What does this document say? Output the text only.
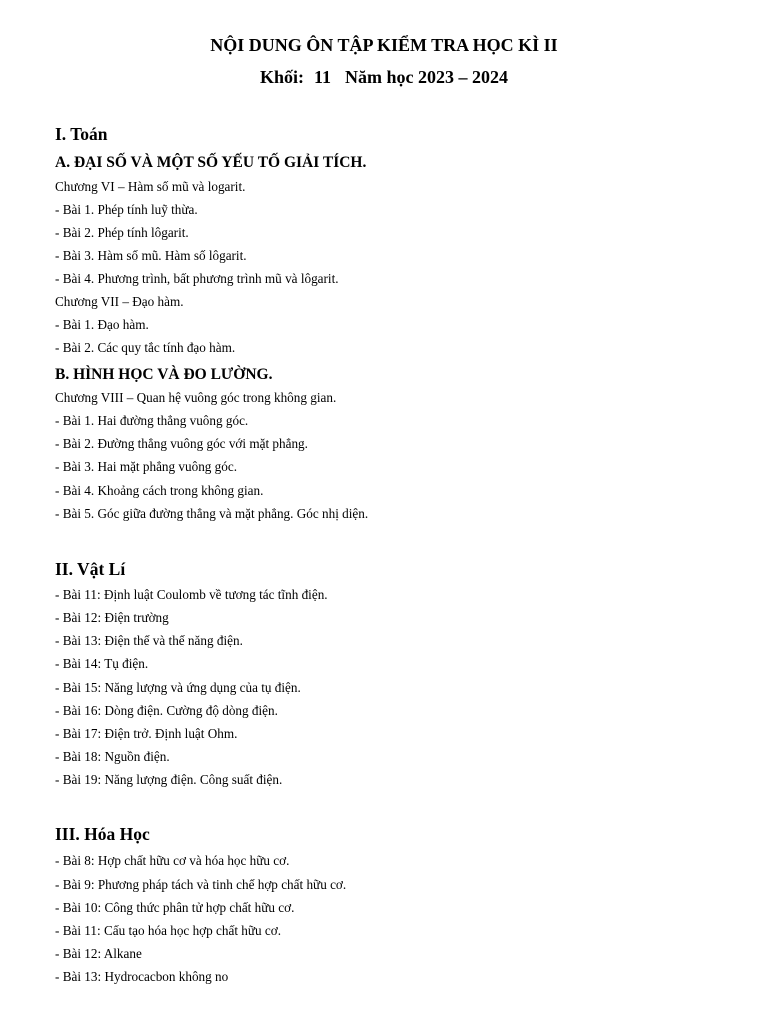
NỘI DUNG ÔN TẬP KIỂM TRA HỌC KÌ II
Khối: 11 Năm học 2023 – 2024
I. Toán
A. ĐẠI SỐ VÀ MỘT SỐ YẾU TỐ GIẢI TÍCH.
Chương VI – Hàm số mũ và logarit.
- Bài 1. Phép tính luỹ thừa.
- Bài 2. Phép tính lôgarit.
- Bài 3. Hàm số mũ. Hàm số lôgarit.
- Bài 4. Phương trình, bất phương trình mũ và lôgarit.
Chương VII – Đạo hàm.
- Bài 1. Đạo hàm.
- Bài 2. Các quy tắc tính đạo hàm.
B. HÌNH HỌC VÀ ĐO LƯỜNG.
Chương VIII – Quan hệ vuông góc trong không gian.
- Bài 1. Hai đường thẳng vuông góc.
- Bài 2. Đường thẳng vuông góc với mặt phẳng.
- Bài 3. Hai mặt phẳng vuông góc.
- Bài 4. Khoảng cách trong không gian.
- Bài 5. Góc giữa đường thẳng và mặt phẳng. Góc nhị diện.
II. Vật Lí
- Bài 11: Định luật Coulomb về tương tác tĩnh điện.
- Bài 12: Điện trường
- Bài 13: Điện thế và thế năng điện.
- Bài 14: Tụ điện.
- Bài 15: Năng lượng và ứng dụng của tụ điện.
- Bài 16: Dòng điện. Cường độ dòng điện.
- Bài 17: Điện trở. Định luật Ohm.
- Bài 18: Nguồn điện.
- Bài 19: Năng lượng điện. Công suất điện.
III. Hóa Học
- Bài 8: Hợp chất hữu cơ và hóa học hữu cơ.
- Bài 9: Phương pháp tách và tinh chế hợp chất hữu cơ.
- Bài 10: Công thức phân tử hợp chất hữu cơ.
- Bài 11: Cấu tạo hóa học hợp chất hữu cơ.
- Bài 12: Alkane
- Bài 13: Hydrocacbon không no
